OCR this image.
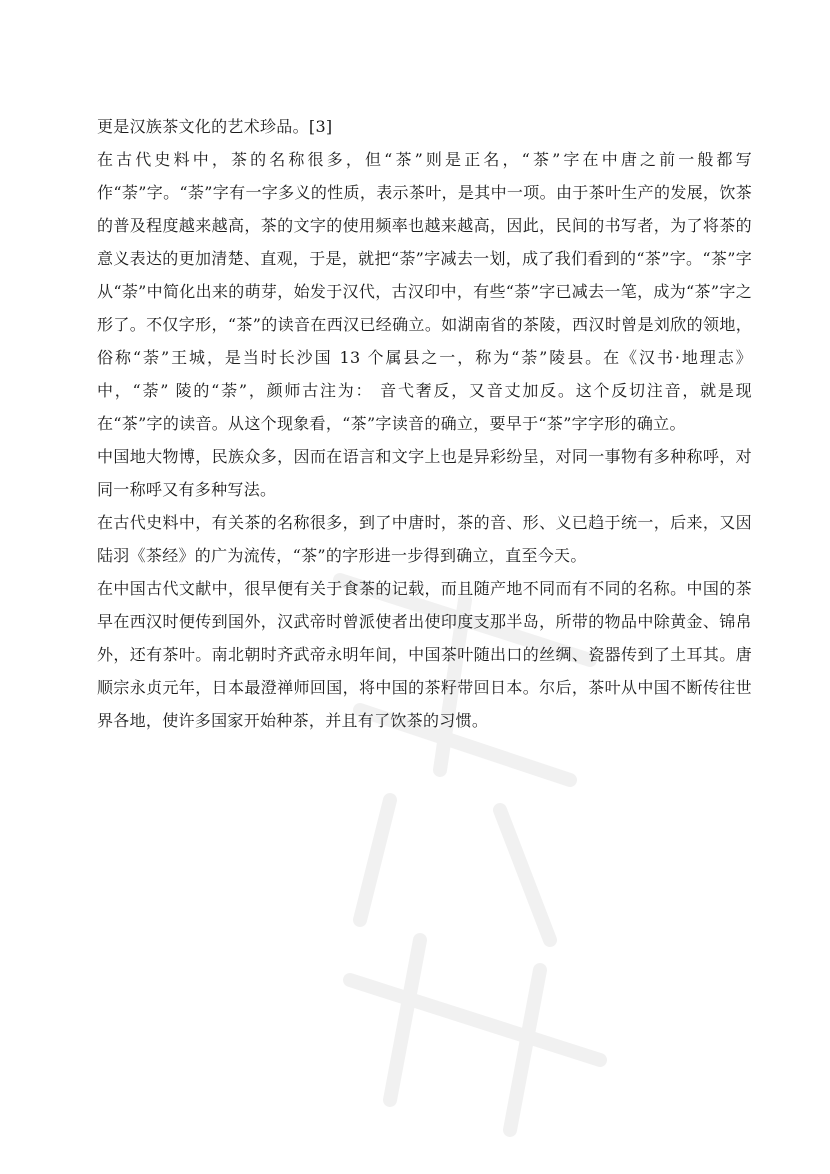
更是汉族茶文化的艺术珍品。[3]

在古代史料中，茶的名称很多，但“茶”则是正名，“茶”字在中唐之前一般都写作“荼”字。“荼”字有一字多义的性质，表示茶叶，是其中一项。由于茶叶生产的发展，饮茶的普及程度越来越高，茶的文字的使用频率也越来越高，因此，民间的书写者，为了将茶的意义表达的更加清楚、直观，于是，就把“荼”字减去一划，成了我们看到的“茶”字。“茶”字从“荼”中简化出来的萌芽，始发于汉代，古汉印中，有些“荼”字已减去一笔，成为“茶”字之形了。不仅字形，“茶”的读音在西汉已经确立。如湖南省的茶陵，西汉时曾是刘欣的领地，俗称“荼”王城，是当时长沙国 13 个属县之一，称为“荼”陵县。在《汉书·地理志》中，“荼” 陵的“荼”，颜师古注为： 音弋奢反，又音丈加反。这个反切注音，就是现在“茶”字的读音。从这个现象看，“茶”字读音的确立，要早于“茶”字字形的确立。

中国地大物博，民族众多，因而在语言和文字上也是异彩纷呈，对同一事物有多种称呼，对同一称呼又有多种写法。

在古代史料中，有关茶的名称很多，到了中唐时，茶的音、形、义已趋于统一，后来，又因陆羽《茶经》的广为流传，“茶”的字形进一步得到确立，直至今天。

在中国古代文献中，很早便有关于食茶的记载，而且随产地不同而有不同的名称。中国的茶早在西汉时便传到国外，汉武帝时曾派使者出使印度支那半岛，所带的物品中除黄金、锦帛外，还有茶叶。南北朝时齐武帝永明年间，中国茶叶随出口的丝绸、瓷器传到了土耳其。唐顺宗永贞元年，日本最澄禅师回国，将中国的茶籽带回日本。尔后，茶叶从中国不断传往世界各地，使许多国家开始种茶，并且有了饮茶的习惯。
